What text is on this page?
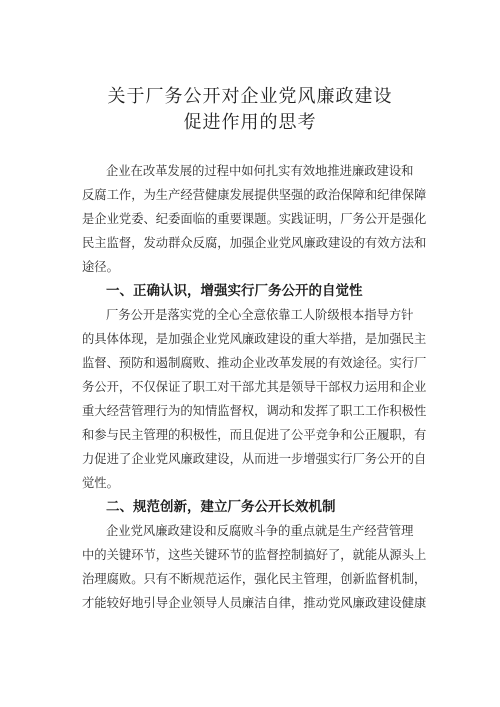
关于厂务公开对企业党风廉政建设
促进作用的思考

企业在改革发展的过程中如何扎实有效地推进廉政建设和

反腐工作，为生产经营健康发展提供坚强的政治保障和纪律保障

是企业党委、纪委面临的重要课题。实践证明，厂务公开是强化

民主监督，发动群众反腐，加强企业党风廉政建设的有效方法和

途径。

一、正确认识，增强实行厂务公开的自觉性

厂务公开是落实党的全心全意依靠工人阶级根本指导方针

的具体体现，是加强企业党风廉政建设的重大举措，是加强民主

监督、预防和遏制腐败、推动企业改革发展的有效途径。实行厂

务公开，不仅保证了职工对干部尤其是领导干部权力运用和企业

重大经营管理行为的知情监督权，调动和发挥了职工工作积极性

和参与民主管理的积极性，而且促进了公平竞争和公正履职，有

力促进了企业党风廉政建设，从而进一步增强实行厂务公开的自

觉性。

二、规范创新，建立厂务公开长效机制

企业党风廉政建设和反腐败斗争的重点就是生产经营管理

中的关键环节，这些关键环节的监督控制搞好了，就能从源头上

治理腐败。只有不断规范运作，强化民主管理，创新监督机制，

才能较好地引导企业领导人员廉洁自律，推动党风廉政建设健康
